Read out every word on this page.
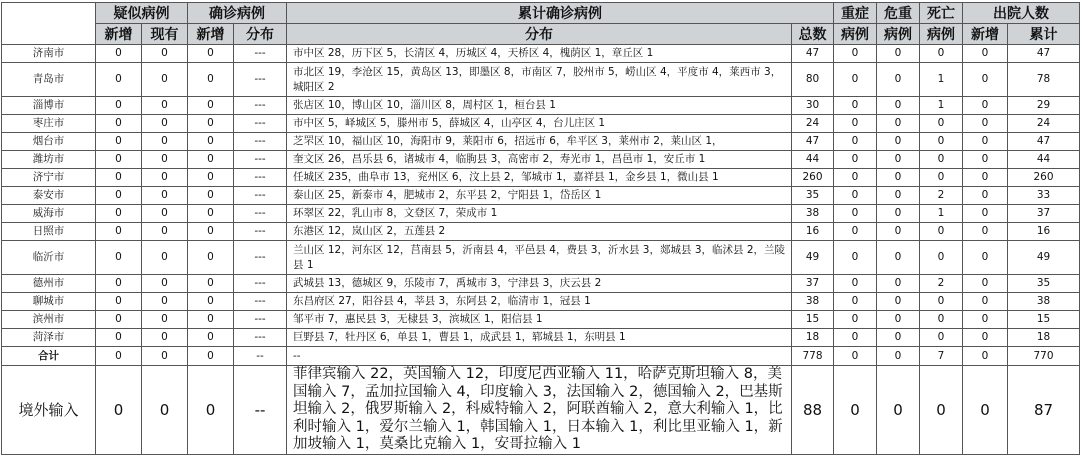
	疑似病例		确诊病例		累计确诊病例		重症	危重	死亡	出院人数	
	新增	现有	新增	分布	分布	总数	病例	病例	病例	新增	累计
济南市	0	0	0	---	市中区 28，历下区 5，长清区 4，历城区 4，天桥区 4，槐荫区 1，章丘区 1	47	0	0	0	0	47
青岛市	0	0	0	---	市北区 19，李沧区 15，黄岛区 13，即墨区 8，市南区 7，胶州市 5，崂山区 4，平度市 4，莱西市 3，城阳区 2	80	0	0	1	0	78
淄博市	0	0	0	---	张店区 10，博山区 10，淄川区 8，周村区 1，桓台县 1	30	0	0	1	0	29
枣庄市	0	0	0	---	市中区 5，峄城区 5，滕州市 5，薛城区 4，山亭区 4，台儿庄区 1	24	0	0	0	0	24
烟台市	0	0	0	---	芝罘区 10，福山区 10，海阳市 9，莱阳市 6，招远市 6，牟平区 3，莱州市 2，莱山区 1，	47	0	0	0	0	47
潍坊市	0	0	0	---	奎文区 26，昌乐县 6，诸城市 4，临朐县 3，高密市 2，寿光市 1，昌邑市 1，安丘市 1	44	0	0	0	0	44
济宁市	0	0	0	---	任城区 235，曲阜市 13，兖州区 6，汶上县 2，邹城市 1，嘉祥县 1，金乡县 1，微山县 1	260	0	0	0	0	260
泰安市	0	0	0	---	泰山区 25，新泰市 4，肥城市 2，东平县 2，宁阳县 1，岱岳区 1	35	0	0	2	0	33
威海市	0	0	0	---	环翠区 22，乳山市 8，文登区 7，荣成市 1	38	0	0	1	0	37
日照市	0	0	0	---	东港区 12，岚山区 2，五莲县 2	16	0	0	0	0	16
临沂市	0	0	0	---	兰山区 12，河东区 12，莒南县 5，沂南县 4，平邑县 4，费县 3，沂水县 3，郯城县 3，临沭县 2，兰陵县 1	49	0	0	0	0	49
德州市	0	0	0	---	武城县 13，德城区 9，乐陵市 7，禹城市 3，宁津县 3，庆云县 2	37	0	0	2	0	35
聊城市	0	0	0	---	东昌府区 27，阳谷县 4，莘县 3，东阿县 2，临清市 1，冠县 1	38	0	0	0	0	38
滨州市	0	0	0	---	邹平市 7，惠民县 3，无棣县 3，滨城区 1，阳信县 1	15	0	0	0	0	15
菏泽市	0	0	0	---	巨野县 7，牡丹区 6，单县 1，曹县 1，成武县 1，郓城县 1，东明县 1	18	0	0	0	0	18
合计	0	0	0	--	--	778	0	0	7	0	770
境外输入	0	0	0	--	菲律宾输入 22，英国输入 12，印度尼西亚输入 11，哈萨克斯坦输入 8，美国输入 7，孟加拉国输入 4，印度输入 3，法国输入 2，德国输入 2，巴基斯坦输入 2，俄罗斯输入 2，科威特输入 2，阿联酋输入 2，意大利输入 1，比利时输入 1，爱尔兰输入 1，韩国输入 1，日本输入 1，利比里亚输入 1，新加坡输入 1，莫桑比克输入 1，安哥拉输入 1	88	0	0	0	0	87
